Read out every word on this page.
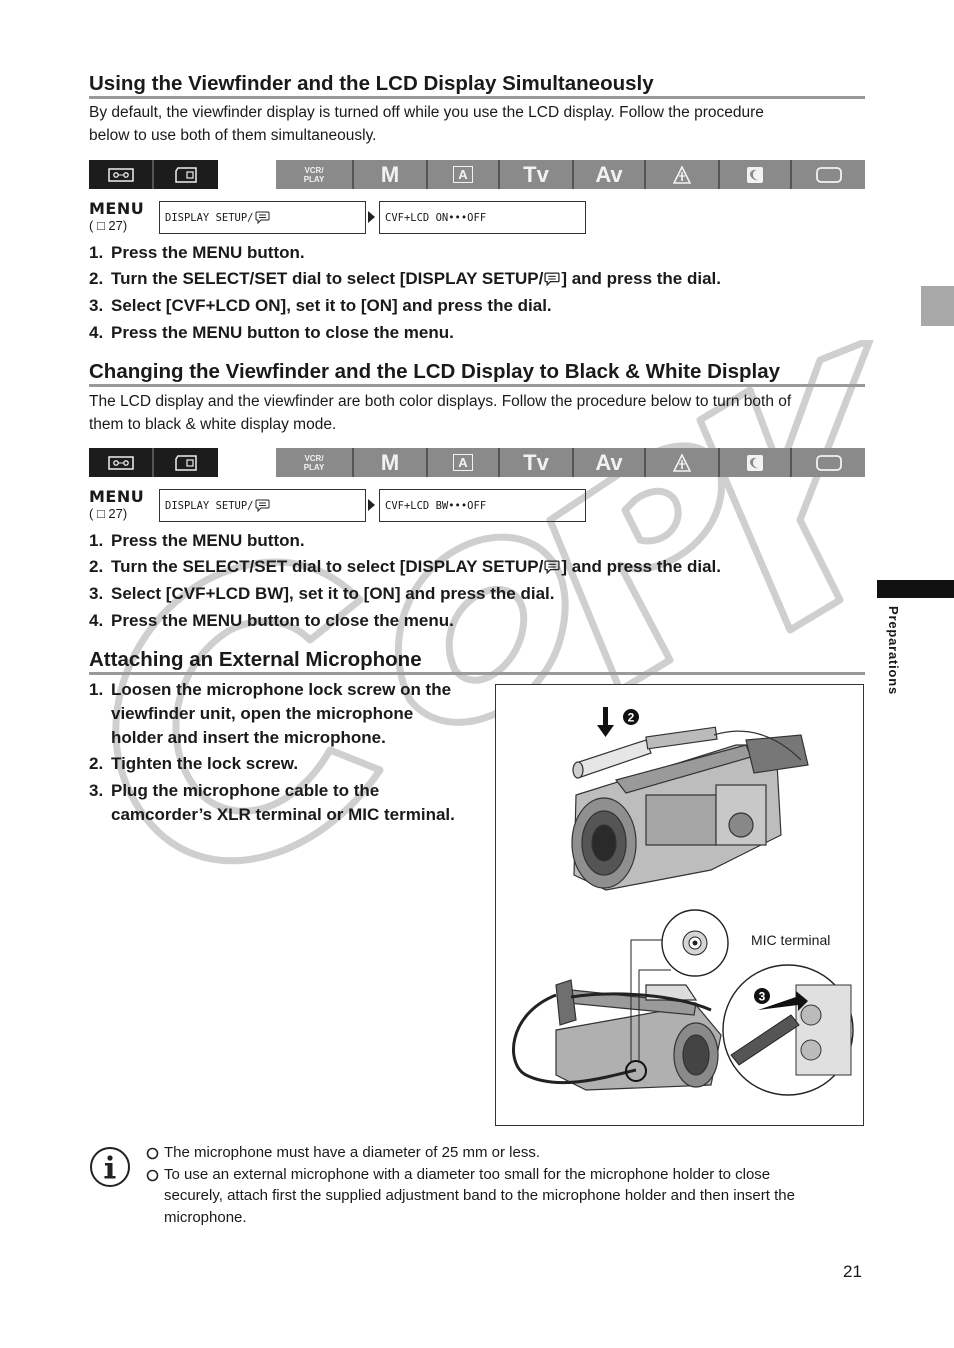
Using the Viewfinder and the LCD Display Simultaneously
By default, the viewfinder display is turned off while you use the LCD display. Follow the procedure
below to use both of them simultaneously.
VCR/
PLAY	M	A	Tv	Av
MENU
( □ 27)
DISPLAY SETUP/	CVF+LCD ON•••OFF
1. Press the MENU button.
2. Turn the SELECT/SET dial to select [DISPLAY SETUP/ ] and press the dial.
3. Select [CVF+LCD ON], set it to [ON] and press the dial.
4. Press the MENU button to close the menu.
Changing the Viewfinder and the LCD Display to Black & White Display
The LCD display and the viewfinder are both color displays. Follow the procedure below to turn both of
them to black & white display mode.
VCR/
PLAY	M	A	Tv	Av
MENU
( □ 27)
DISPLAY SETUP/	CVF+LCD BW•••OFF
1. Press the MENU button.
2. Turn the SELECT/SET dial to select [DISPLAY SETUP/ ] and press the dial.
3. Select [CVF+LCD BW], set it to [ON] and press the dial.
4. Press the MENU button to close the menu.
Attaching an External Microphone
1. Loosen the microphone lock screw on the
viewfinder unit, open the microphone
holder and insert the microphone.
2. Tighten the lock screw.
3. Plug the microphone cable to the
camcorder’s XLR terminal or MIC terminal.
2
3
MIC terminal
The microphone must have a diameter of 25 mm or less.
To use an external microphone with a diameter too small for the microphone holder to close
securely, attach first the supplied adjustment band to the microphone holder and then insert the
microphone.
Preparations
21
